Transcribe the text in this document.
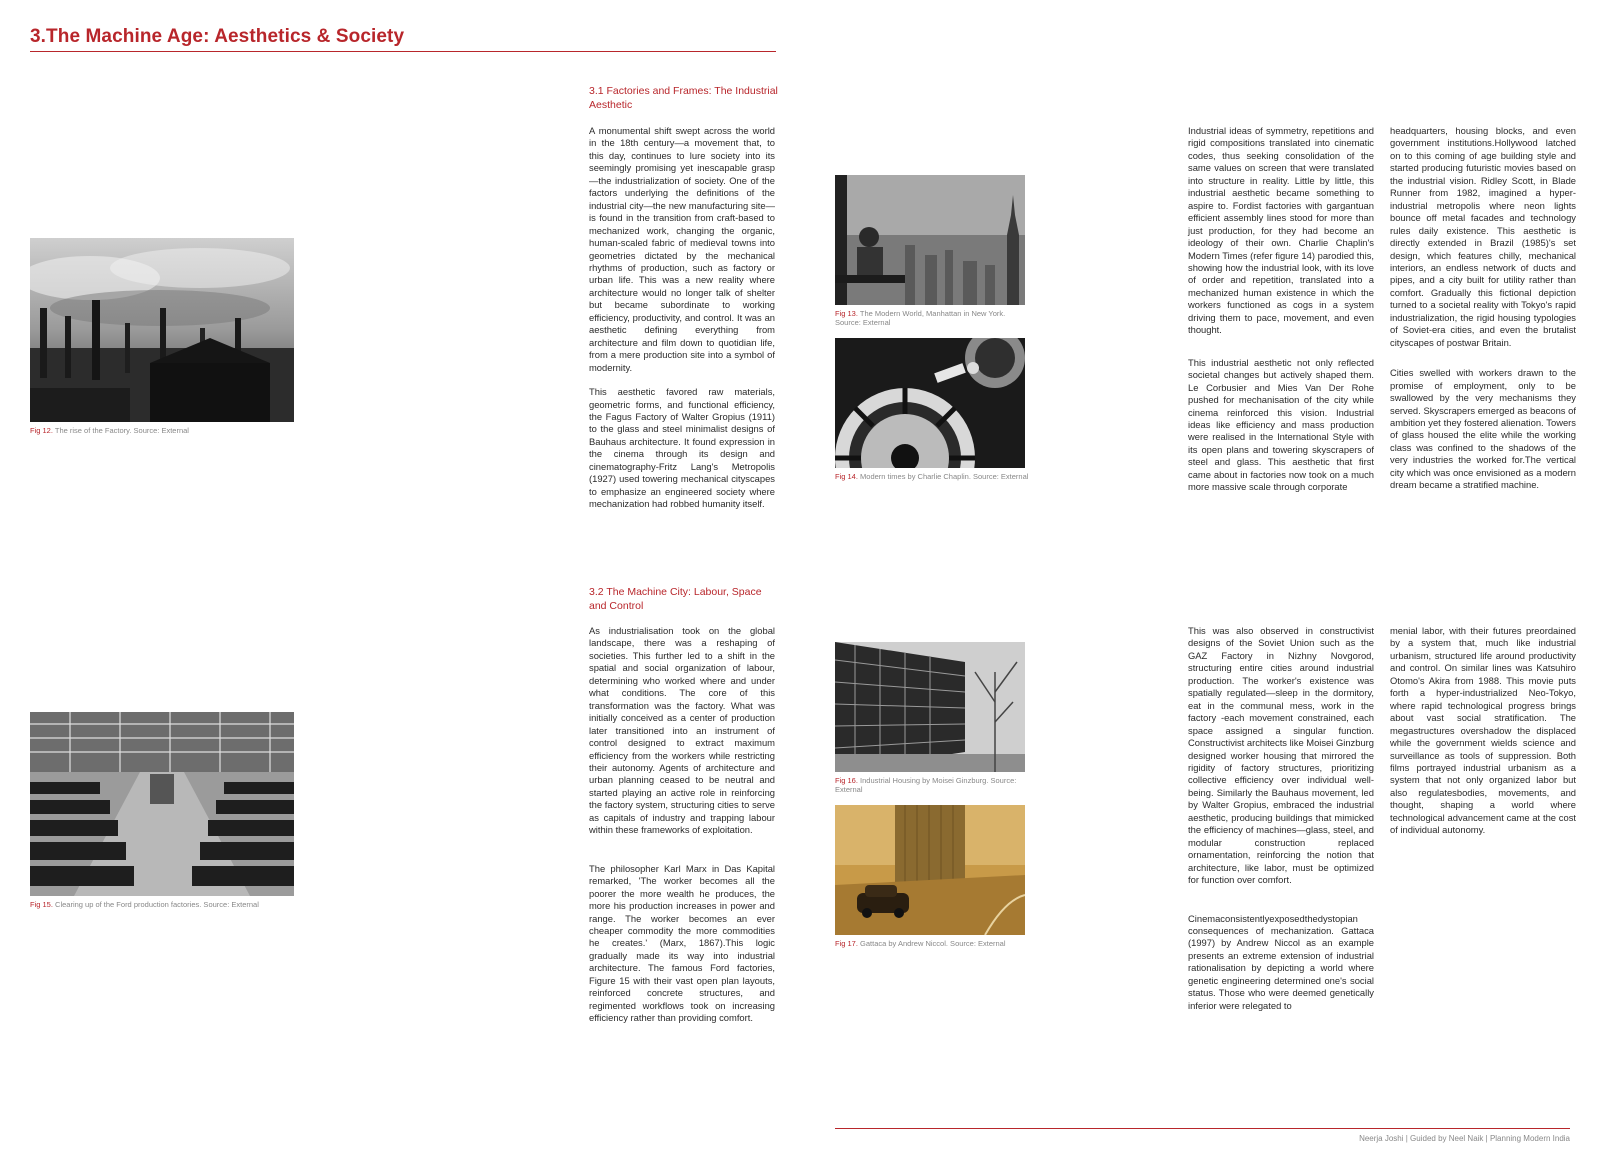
3.The Machine Age: Aesthetics & Society
Fig 12. The rise of the Factory. Source: External
Fig 15. Clearing up of the Ford production factories. Source: External
3.1 Factories and Frames: The Industrial Aesthetic

A monumental shift swept across the world in the 18th century—a movement that, to this day, continues to lure society into its seemingly promising yet inescapable grasp—the industrialization of society. One of the factors underlying the definitions of the industrial city—the new manufacturing site—is found in the transition from craft-based to mechanized work, changing the organic, human-scaled fabric of medieval towns into geometries dictated by the mechanical rhythms of production, such as factory or urban life. This was a new reality where architecture would no longer talk of shelter but became subordinate to working efficiency, productivity, and control. It was an aesthetic defining everything from architecture and film down to quotidian life, from a mere production site into a symbol of modernity.

This aesthetic favored raw materials, geometric forms, and functional efficiency, the Fagus Factory of Walter Gropius (1911) to the glass and steel minimalist designs of Bauhaus architecture. It found expression in the cinema through its design and cinematography-Fritz Lang's Metropolis (1927) used towering mechanical cityscapes to emphasize an engineered society where mechanization had robbed humanity itself.

3.2 The Machine City: Labour, Space and Control

As industrialisation took on the global landscape, there was a reshaping of societies. This further led to a shift in the spatial and social organization of labour, determining who worked where and under what conditions. The core of this transformation was the factory. What was initially conceived as a center of production later transitioned into an instrument of control designed to extract maximum efficiency from the workers while restricting their autonomy. Agents of architecture and urban planning ceased to be neutral and started playing an active role in reinforcing the factory system, structuring cities to serve as capitals of industry and trapping labour within these frameworks of exploitation.

The philosopher Karl Marx in Das Kapital remarked, 'The worker becomes all the poorer the more wealth he produces, the more his production increases in power and range. The worker becomes an ever cheaper commodity the more commodities he creates.' (Marx, 1867).This logic gradually made its way into industrial architecture. The famous Ford factories, Figure 15 with their vast open plan layouts, reinforced concrete structures, and regimented workflows took on increasing efficiency rather than providing comfort.

Fig 13. The Modern World, Manhattan in New York. Source: External
Fig 14. Modern times by Charlie Chaplin. Source: External
Fig 16. Industrial Housing by Moisei Ginzburg. Source: External
Fig 17. Gattaca by Andrew Niccol. Source: External

Industrial ideas of symmetry, repetitions and rigid compositions translated into cinematic codes, thus seeking consolidation of the same values on screen that were translated into structure in reality. Little by little, this industrial aesthetic became something to aspire to. Fordist factories with gargantuan efficient assembly lines stood for more than just production, for they had become an ideology of their own. Charlie Chaplin's Modern Times (refer figure 14) parodied this, showing how the industrial look, with its love of order and repetition, translated into a mechanized human existence in which the workers functioned as cogs in a system driving them to pace, movement, and even thought.

This industrial aesthetic not only reflected societal changes but actively shaped them. Le Corbusier and Mies Van Der Rohe pushed for mechanisation of the city while cinema reinforced this vision. Industrial ideas like efficiency and mass production were realised in the International Style with its open plans and towering skyscrapers of steel and glass. This aesthetic that first came about in factories now took on a much more massive scale through corporate

headquarters, housing blocks, and even government institutions.Hollywood latched on to this coming of age building style and started producing futuristic movies based on the industrial vision. Ridley Scott, in Blade Runner from 1982, imagined a hyper-industrial metropolis where neon lights bounce off metal facades and technology rules daily existence. This aesthetic is directly extended in Brazil (1985)'s set design, which features chilly, mechanical interiors, an endless network of ducts and pipes, and a city built for utility rather than comfort. Gradually this fictional depiction turned to a societal reality with Tokyo's rapid industrialization, the rigid housing typologies of Soviet-era cities, and even the brutalist cityscapes of postwar Britain.

Cities swelled with workers drawn to the promise of employment, only to be swallowed by the very mechanisms they served. Skyscrapers emerged as beacons of ambition yet they fostered alienation. Towers of glass housed the elite while the working class was confined to the shadows of the very industries the worked for.The vertical city which was once envisioned as a modern dream became a stratified machine.

This was also observed in constructivist designs of the Soviet Union such as the GAZ Factory in Nizhny Novgorod, structuring entire cities around industrial production. The worker's existence was spatially regulated—sleep in the dormitory, eat in the communal mess, work in the factory -each movement constrained, each space assigned a singular function. Constructivist architects like Moisei Ginzburg designed worker housing that mirrored the rigidity of factory structures, prioritizing collective efficiency over individual well-being. Similarly the Bauhaus movement, led by Walter Gropius, embraced the industrial aesthetic, producing buildings that mimicked the efficiency of machines—glass, steel, and modular construction replaced ornamentation, reinforcing the notion that architecture, like labor, must be optimized for function over comfort.

Cinemaconsistentlyexposedthedystopian consequences of mechanization. Gattaca (1997) by Andrew Niccol as an example presents an extreme extension of industrial rationalisation by depicting a world where genetic engineering determined one's social status. Those who were deemed genetically inferior were relegated to

menial labor, with their futures preordained by a system that, much like industrial urbanism, structured life around productivity and control. On similar lines was Katsuhiro Otomo's Akira from 1988. This movie puts forth a hyper-industrialized Neo-Tokyo, where rapid technological progress brings about vast social stratification. The megastructures overshadow the displaced while the government wields science and surveillance as tools of suppression. Both films portrayed industrial urbanism as a system that not only organized labor but also regulatesbodies, movements, and thought, shaping a world where technological advancement came at the cost of individual autonomy.

Neerja Joshi | Guided by Neel Naik | Planning Modern India
